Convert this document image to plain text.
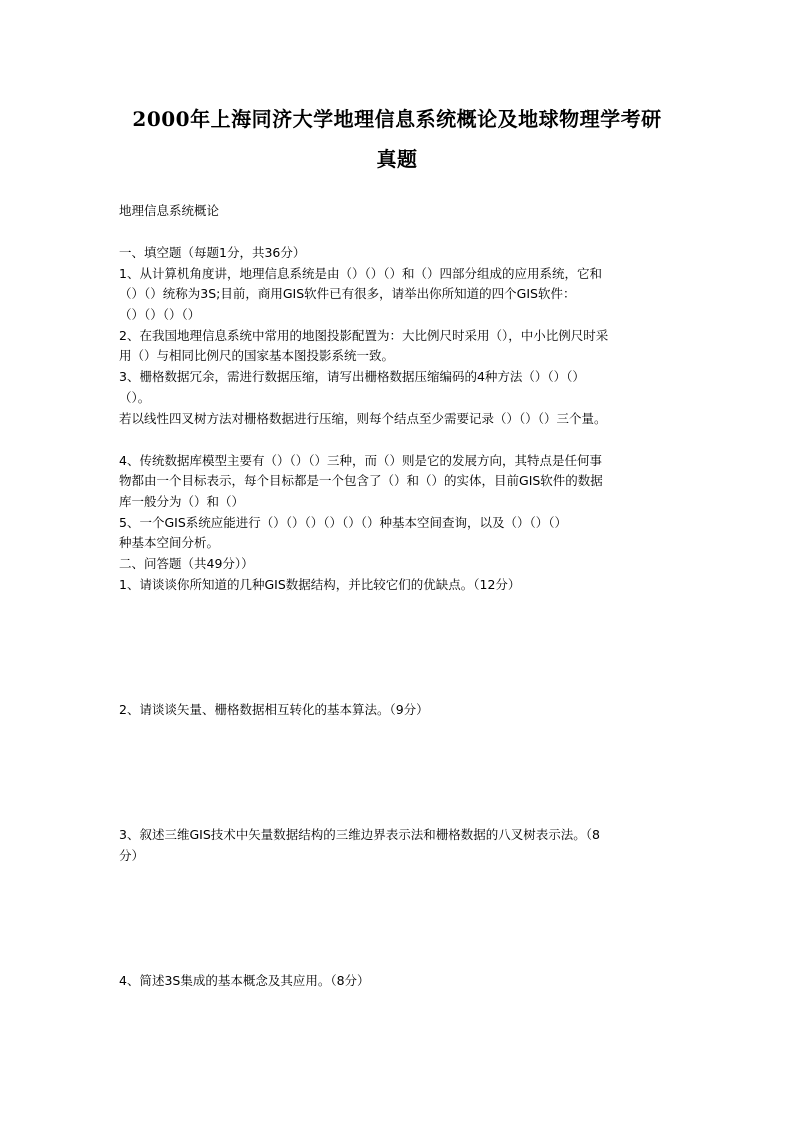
2000年上海同济大学地理信息系统概论及地球物理学考研
真题
地理信息系统概论
一、填空题（每题1分，共36分）
1、从计算机角度讲，地理信息系统是由（）（）（）和（）四部分组成的应用系统，它和
（）（）统称为3S;目前，商用GIS软件已有很多，请举出你所知道的四个GIS软件：
（）（）（）（）
2、在我国地理信息系统中常用的地图投影配置为：大比例尺时采用（），中小比例尺时采
用（）与相同比例尺的国家基本图投影系统一致。
3、栅格数据冗余，需进行数据压缩，请写出栅格数据压缩编码的4种方法（）（）（）
（）。
若以线性四叉树方法对栅格数据进行压缩，则每个结点至少需要记录（）（）（）三个量。
4、传统数据库模型主要有（）（）（）三种，而（）则是它的发展方向，其特点是任何事
物都由一个目标表示，每个目标都是一个包含了（）和（）的实体，目前GIS软件的数据
库一般分为（）和（）
5、一个GIS系统应能进行（）（）（）（）（）（）种基本空间查询，以及（）（）（）
种基本空间分析。
二、问答题（共49分））
1、请谈谈你所知道的几种GIS数据结构，并比较它们的优缺点。（12分）
2、请谈谈矢量、栅格数据相互转化的基本算法。（9分）
3、叙述三维GIS技术中矢量数据结构的三维边界表示法和栅格数据的八叉树表示法。（8
分）
4、简述3S集成的基本概念及其应用。（8分）
